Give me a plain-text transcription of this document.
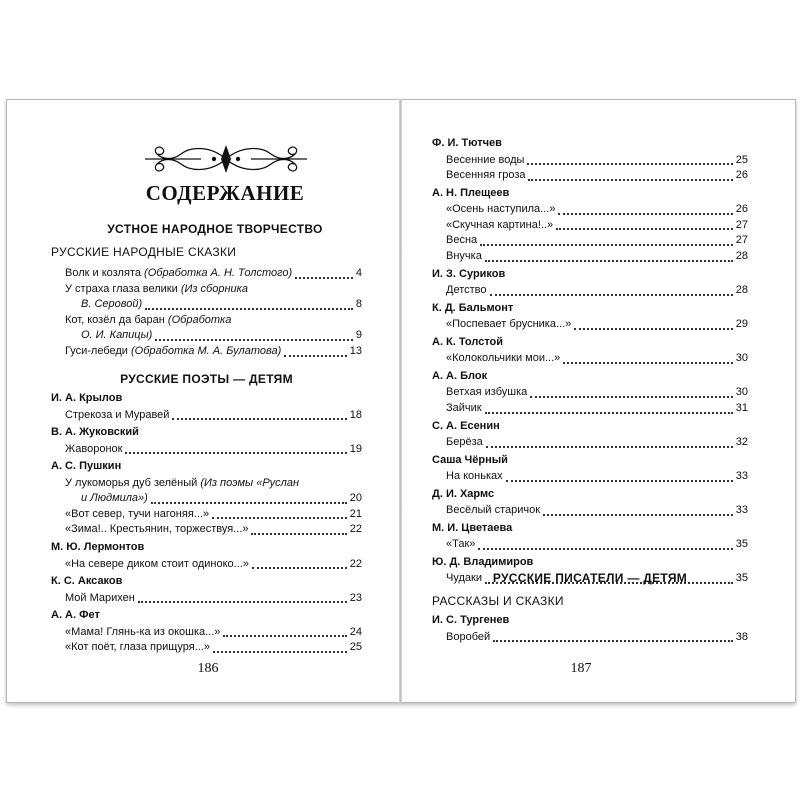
СОДЕРЖАНИЕ
УСТНОЕ НАРОДНОЕ ТВОРЧЕСТВО
РУССКИЕ НАРОДНЫЕ СКАЗКИ
Волк и козлята (Обработка А. Н. Толстого)	4
У страха глаза велики (Из сборника
В. Серовой)	8
Кот, козёл да баран (Обработка
О. И. Капицы)	9
Гуси-лебеди (Обработка М. А. Булатова)	13
РУССКИЕ ПОЭТЫ — ДЕТЯМ
И. А. Крылов
Стрекоза и Муравей	18
В. А. Жуковский
Жаворонок	19
А. С. Пушкин
У лукоморья дуб зелёный (Из поэмы «Руслан
и Людмила»)	20
«Вот север, тучи нагоняя...»	21
«Зима!.. Крестьянин, торжествуя...»	22
М. Ю. Лермонтов
«На севере диком стоит одиноко...»	22
К. С. Аксаков
Мой Марихен	23
А. А. Фет
«Мама! Глянь-ка из окошка...»	24
«Кот поёт, глаза прищуря...»	25
186
Ф. И. Тютчев
Весенние воды	25
Весенняя гроза	26
А. Н. Плещеев
«Осень наступила...»	26
«Скучная картина!..»	27
Весна	27
Внучка	28
И. З. Суриков
Детство	28
К. Д. Бальмонт
«Поспевает брусника...»	29
А. К. Толстой
«Колокольчики мои...»	30
А. А. Блок
Ветхая избушка	30
Зайчик	31
С. А. Есенин
Берёза	32
Саша Чёрный
На коньках	33
Д. И. Хармс
Весёлый старичок	33
М. И. Цветаева
«Так»	35
Ю. Д. Владимиров
Чудаки	35
РУССКИЕ ПИСАТЕЛИ — ДЕТЯМ
РАССКАЗЫ И СКАЗКИ
И. С. Тургенев
Воробей	38
187
